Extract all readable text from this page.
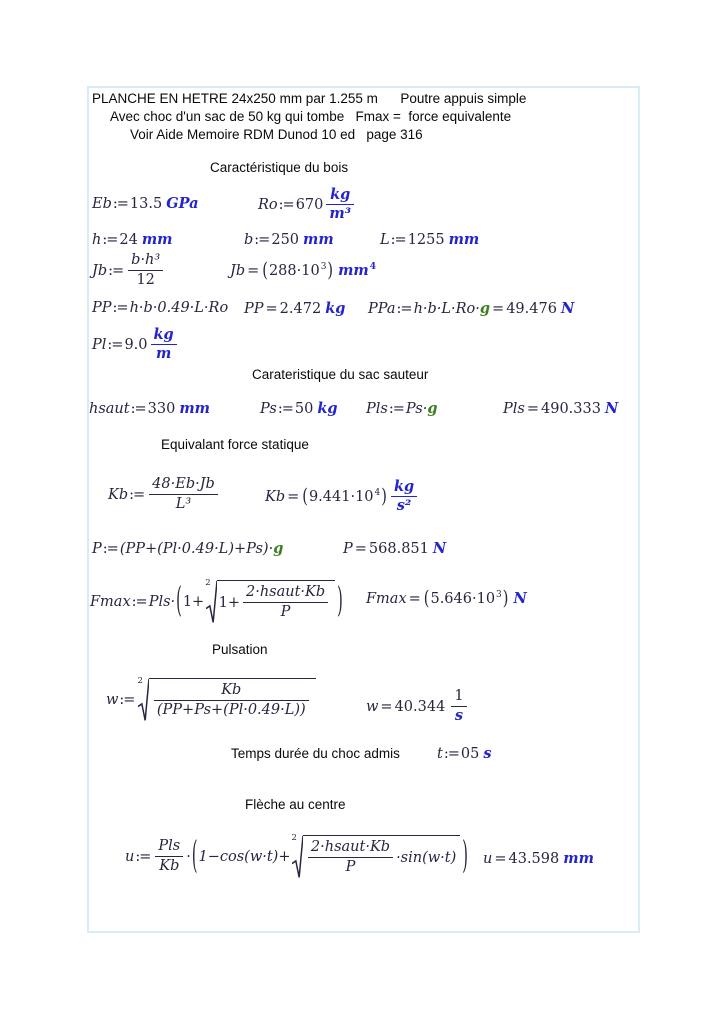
PLANCHE EN HETRE 24x250 mm par 1.255 m      Poutre appuis simple
Avec choc d'un sac de 50 kg qui tombe   Fmax =  force equivalente
Voir Aide Memoire RDM Dunod 10 ed   page 316
Caractéristique du bois
Eb:= 13.5 GPa	Ro:= $670 \frac{kg}{\text{m³}}$
h:= 24 mm	b:= 250 mm	L:= 1255 mm
Jb:= $\frac{\text{b·h³}}{12}$	$Jb = (288\cdot 10^3)$ $mm^4$
PP:= h·b·0.49·L·Ro PP = 2.472 kg PPa:= h·b·L·Ro·g = 49.476 N
Pl:= $9.0 \frac{kg}{m}$
Carateristique du sac sauteur
hsaut:= 330 mm	Ps:= 50 kg Pls:= Ps·g	Pls = 490.333 N
Equivalant force statique
Kb:= $\frac{48\cdot Eb\cdot Jb}{\text{L³}}$	$Kb = (9.441\cdot 10^4) \frac{kg}{\text{s²}}$
P:= (PP+(Pl·0.49·L)+Ps)·g	P = 568.851 N
Fmax:= Pls·(1+
2
$1+ \frac{\text{2·hsaut·Kb}}{P}$ ) $Fmax = (5.646\cdot 10^3)$ N
Pulsation
w:=
2
$\frac{Kb}{(PP+Ps+(Pl\cdot 0.49\cdot L))}$	$w = 40.344 \frac{1}{s}$
Temps durée du choc admis	t:= 05 s
Flèche au centre
u:= $\frac{\text{Pls}}{Kb} \cdot(1-\cos(w\cdot t)+$
2
$\frac{\text{2·hsaut·Kb}}{P} \cdot\sin(w\cdot t)$ ) u = 43.598 mm
